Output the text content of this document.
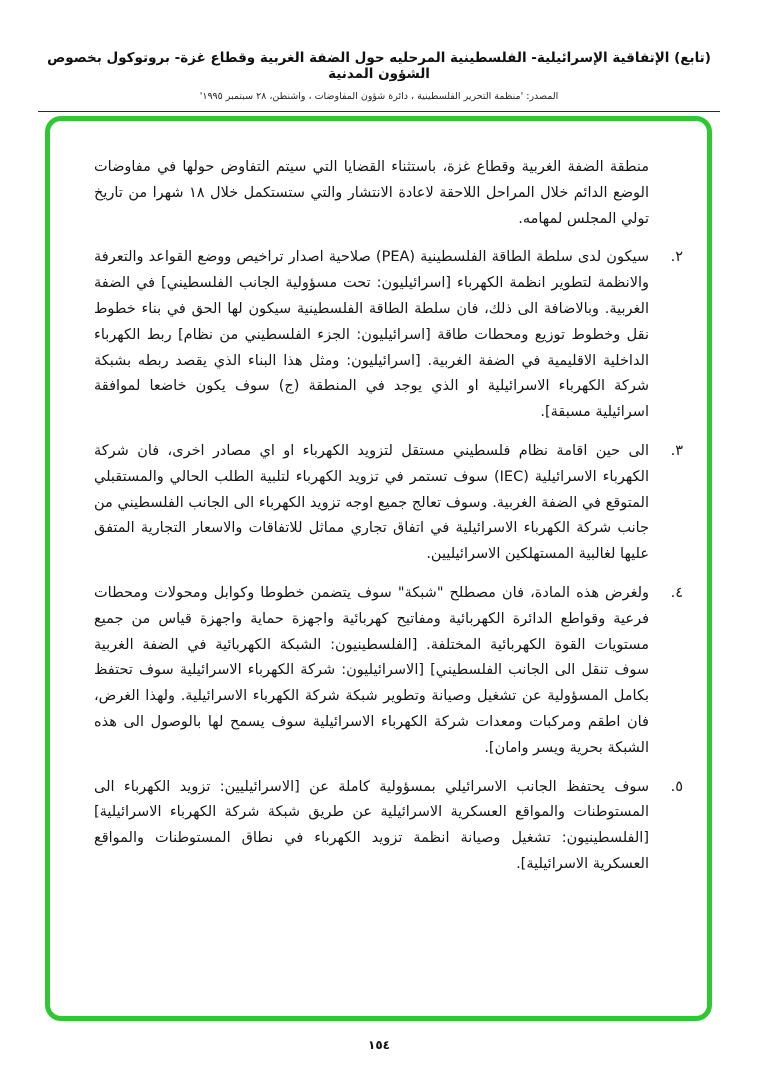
(تابع) الإتفاقية الإسرائيلية- الفلسطينية المرحليه حول الضفة الغربية وقطاع غزة- بروتوكول بخصوص الشؤون المدنية
المصدر: 'منظمة التحرير الفلسطينية ، دائرة شؤون المفاوضات ، واشنطن، ٢٨ سبتمبر ١٩٩٥'

منطقة الضفة الغربية وقطاع غزة، باستثناء القضايا التي سيتم التفاوض حولها في مفاوضات الوضع الدائم خلال المراحل اللاحقة لاعادة الانتشار والتي ستستكمل خلال ١٨ شهرا من تاريخ تولي المجلس لمهامه.

٢.

سيكون لدى سلطة الطاقة الفلسطينية (PEA) صلاحية اصدار تراخيص ووضع القواعد والتعرفة والانظمة لتطوير انظمة الكهرباء [اسرائيليون: تحت مسؤولية الجانب الفلسطيني] في الضفة الغربية. وبالاضافة الى ذلك، فان سلطة الطاقة الفلسطينية سيكون لها الحق في بناء خطوط نقل وخطوط توزيع ومحطات طاقة [اسرائيليون: الجزء الفلسطيني من نظام] ربط الكهرباء الداخلية الاقليمية في الضفة الغربية. [اسرائيليون: ومثل هذا البناء الذي يقصد ربطه بشبكة شركة الكهرباء الاسرائيلية او الذي يوجد في المنطقة (ج) سوف يكون خاضعا لموافقة اسرائيلية مسبقة].

٣.

الى حين اقامة نظام فلسطيني مستقل لتزويد الكهرباء او اي مصادر اخرى، فان شركة الكهرباء الاسرائيلية (IEC) سوف تستمر في تزويد الكهرباء لتلبية الطلب الحالي والمستقبلي المتوقع في الضفة الغربية. وسوف تعالج جميع اوجه تزويد الكهرباء الى الجانب الفلسطيني من جانب شركة الكهرباء الاسرائيلية في اتفاق تجاري مماثل للاتفاقات والاسعار التجارية المتفق عليها لغالبية المستهلكين الاسرائيليين.

٤.

ولغرض هذه المادة، فان مصطلح "شبكة" سوف يتضمن خطوطا وكوابل ومحولات ومحطات فرعية وقواطع الدائرة الكهربائية ومفاتيح كهربائية واجهزة حماية واجهزة قياس من جميع مستويات القوة الكهربائية المختلفة. [الفلسطينيون: الشبكة الكهربائية في الضفة الغربية سوف تنقل الى الجانب الفلسطيني] [الاسرائيليون: شركة الكهرباء الاسرائيلية سوف تحتفظ بكامل المسؤولية عن تشغيل وصيانة وتطوير شبكة شركة الكهرباء الاسرائيلية. ولهذا الغرض، فان اطقم ومركبات ومعدات شركة الكهرباء الاسرائيلية سوف يسمح لها بالوصول الى هذه الشبكة بحرية ويسر وامان].

٥.

سوف يحتفظ الجانب الاسرائيلي بمسؤولية كاملة عن [الاسرائيليين: تزويد الكهرباء الى المستوطنات والمواقع العسكرية الاسرائيلية عن طريق شبكة شركة الكهرباء الاسرائيلية] [الفلسطينيون: تشغيل وصيانة انظمة تزويد الكهرباء في نطاق المستوطنات والمواقع العسكرية الاسرائيلية].

١٥٤
